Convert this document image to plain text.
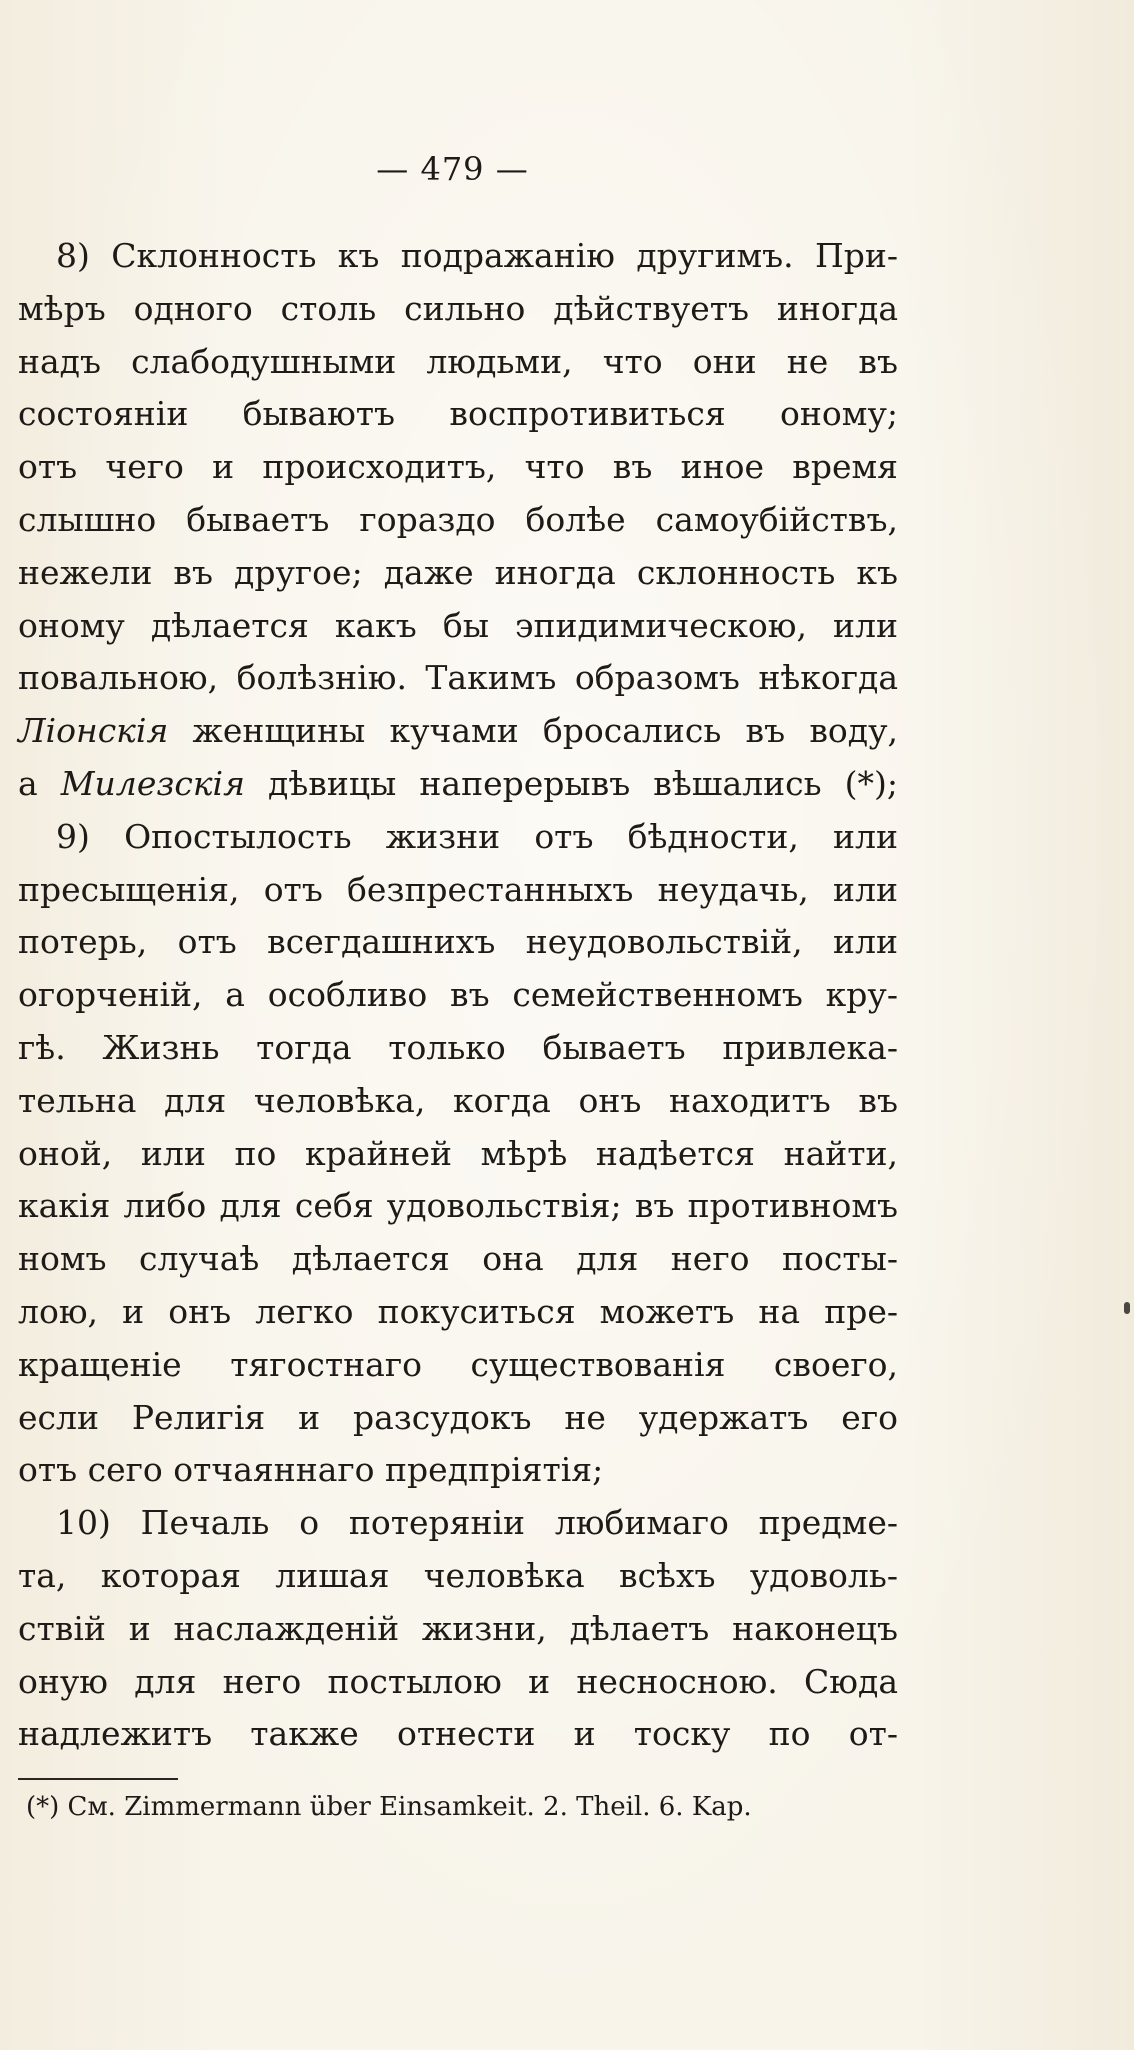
— 479 —
8) Склонность къ подражанію другимъ. При-
мѣръ одного столь сильно дѣйствуетъ иногда
надъ слабодушными людьми, что они не въ
состояніи бываютъ воспротивиться оному;
отъ чего и происходитъ, что въ иное время
слышно бываетъ гораздо болѣе самоубійствъ,
нежели въ другое; даже иногда склонность къ
оному дѣлается какъ бы эпидимическою, или
повальною, болѣзнію. Такимъ образомъ нѣкогда
Ліонскія женщины кучами бросались въ воду,
а Милезскія дѣвицы наперерывъ вѣшались (*);
9) Опостылость жизни отъ бѣдности, или
пресыщенія, отъ безпрестанныхъ неудачь, или
потерь, отъ всегдашнихъ неудовольствій, или
огорченій, а особливо въ семейственномъ кру-
гѣ. Жизнь тогда только бываетъ привлека-
тельна для человѣка, когда онъ находитъ въ
оной, или по крайней мѣрѣ надѣется найти,
какія либо для себя удовольствія; въ противномъ
номъ случаѣ дѣлается она для него посты-
лою, и онъ легко покуситься можетъ на пре-
кращеніе тягостнаго существованія своего,
если Религія и разсудокъ не удержатъ его
отъ сего отчаяннаго предпріятія;
10) Печаль о потеряніи любимаго предме-
та, которая лишая человѣка всѣхъ удоволь-
ствій и наслажденій жизни, дѣлаетъ наконецъ
оную для него постылою и несносною. Сюда
надлежитъ также отнести и тоску по от-
(*) См. Zimmermann über Einsamkeit. 2. Theil. 6. Kap.
